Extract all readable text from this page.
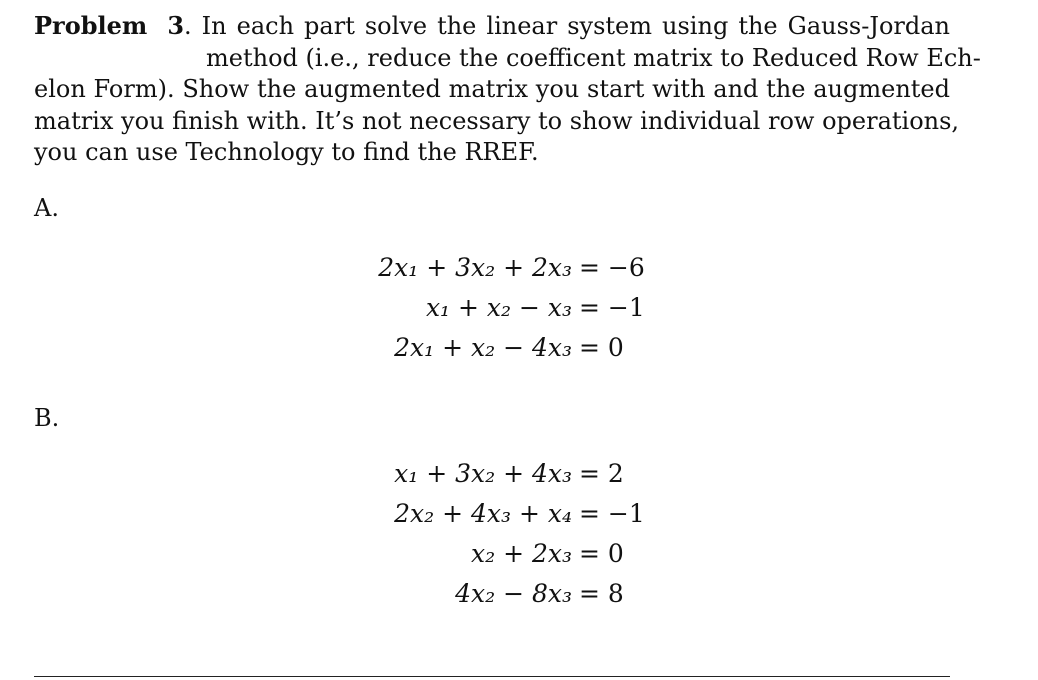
Problem 3. In each part solve the linear system using the Gauss-Jordan
method (i.e., reduce the coefficent matrix to Reduced Row Ech-
elon Form). Show the augmented matrix you start with and the augmented
matrix you finish with. It’s not necessary to show individual row operations,
you can use Technology to find the RREF.
A.
2x₁ + 3x₂ + 2x₃ = −6
x₁ + x₂ − x₃ = −1
2x₁ + x₂ − 4x₃ = 0
B.
x₁ + 3x₂ + 4x₃ = 2
2x₂ + 4x₃ + x₄ = −1
x₂ + 2x₃ = 0
4x₂ − 8x₃ = 8
